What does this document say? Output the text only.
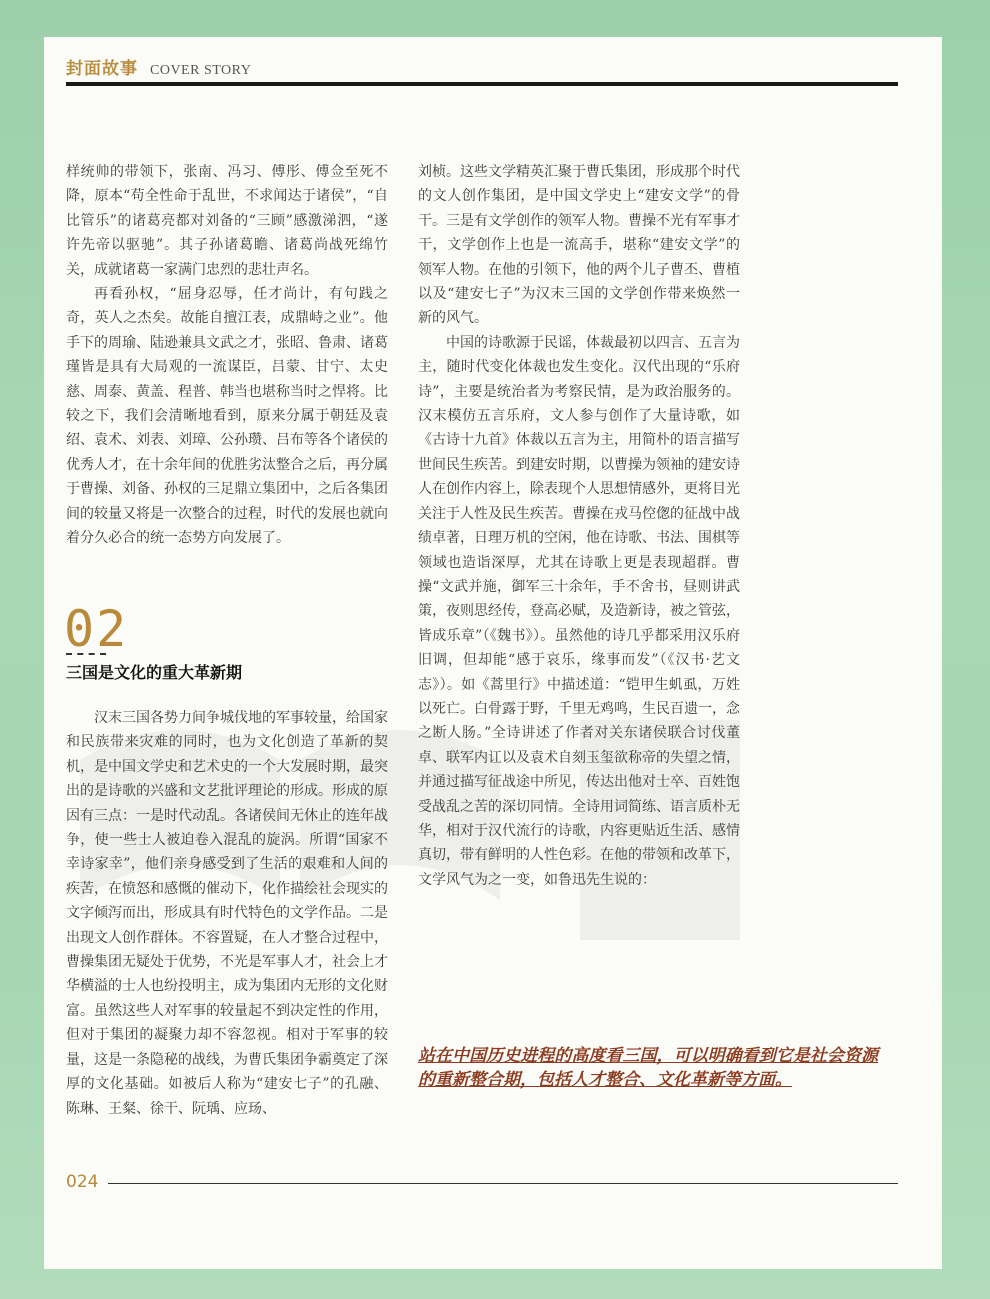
封面故事 COVER STORY

样统帅的带领下，张南、冯习、傅彤、傅佥至死不降，原本“苟全性命于乱世，不求闻达于诸侯”，“自比管乐”的诸葛亮都对刘备的“三顾”感激涕泗，“遂许先帝以驱驰”。其子孙诸葛瞻、诸葛尚战死绵竹关，成就诸葛一家满门忠烈的悲壮声名。

再看孙权，“屈身忍辱，任才尚计，有句践之奇，英人之杰矣。故能自擅江表，成鼎峙之业”。他手下的周瑜、陆逊兼具文武之才，张昭、鲁肃、诸葛瑾皆是具有大局观的一流谋臣，吕蒙、甘宁、太史慈、周泰、黄盖、程普、韩当也堪称当时之悍将。比较之下，我们会清晰地看到，原来分属于朝廷及袁绍、袁术、刘表、刘璋、公孙瓒、吕布等各个诸侯的优秀人才，在十余年间的优胜劣汰整合之后，再分属于曹操、刘备、孙权的三足鼎立集团中，之后各集团间的较量又将是一次整合的过程，时代的发展也就向着分久必合的统一态势方向发展了。

02
三国是文化的重大革新期

汉末三国各势力间争城伐地的军事较量，给国家和民族带来灾难的同时，也为文化创造了革新的契机，是中国文学史和艺术史的一个大发展时期，最突出的是诗歌的兴盛和文艺批评理论的形成。形成的原因有三点：一是时代动乱。各诸侯间无休止的连年战争，使一些士人被迫卷入混乱的旋涡。所谓“国家不幸诗家幸”，他们亲身感受到了生活的艰难和人间的疾苦，在愤怒和感慨的催动下，化作描绘社会现实的文字倾泻而出，形成具有时代特色的文学作品。二是出现文人创作群体。不容置疑，在人才整合过程中，曹操集团无疑处于优势，不光是军事人才，社会上才华横溢的士人也纷投明主，成为集团内无形的文化财富。虽然这些人对军事的较量起不到决定性的作用，但对于集团的凝聚力却不容忽视。相对于军事的较量，这是一条隐秘的战线，为曹氏集团争霸奠定了深厚的文化基础。如被后人称为“建安七子”的孔融、陈琳、王粲、徐干、阮瑀、应玚、

刘桢。这些文学精英汇聚于曹氏集团，形成那个时代的文人创作集团，是中国文学史上“建安文学”的骨干。三是有文学创作的领军人物。曹操不光有军事才干，文学创作上也是一流高手，堪称“建安文学”的领军人物。在他的引领下，他的两个儿子曹丕、曹植以及“建安七子”为汉末三国的文学创作带来焕然一新的风气。

中国的诗歌源于民谣，体裁最初以四言、五言为主，随时代变化体裁也发生变化。汉代出现的“乐府诗”，主要是统治者为考察民情，是为政治服务的。汉末模仿五言乐府，文人参与创作了大量诗歌，如《古诗十九首》体裁以五言为主，用简朴的语言描写世间民生疾苦。到建安时期，以曹操为领袖的建安诗人在创作内容上，除表现个人思想情感外，更将目光关注于人性及民生疾苦。曹操在戎马倥偬的征战中战绩卓著，日理万机的空闲，他在诗歌、书法、围棋等领域也造诣深厚，尤其在诗歌上更是表现超群。曹操“文武并施，御军三十余年，手不舍书，昼则讲武策，夜则思经传，登高必赋，及造新诗，被之管弦，皆成乐章”（《魏书》）。虽然他的诗几乎都采用汉乐府旧调，但却能“感于哀乐，缘事而发”（《汉书·艺文志》）。如《蒿里行》中描述道：“铠甲生虮虱，万姓以死亡。白骨露于野，千里无鸡鸣，生民百遗一，念之断人肠。”全诗讲述了作者对关东诸侯联合讨伐董卓、联军内讧以及袁术自刻玉玺欲称帝的失望之情，并通过描写征战途中所见，传达出他对士卒、百姓饱受战乱之苦的深切同情。全诗用词简练、语言质朴无华，相对于汉代流行的诗歌，内容更贴近生活、感情真切，带有鲜明的人性色彩。在他的带领和改革下，文学风气为之一变，如鲁迅先生说的：

站在中国历史进程的高度看三国，可以明确看到它是社会资源的重新整合期，包括人才整合、文化革新等方面。
024
